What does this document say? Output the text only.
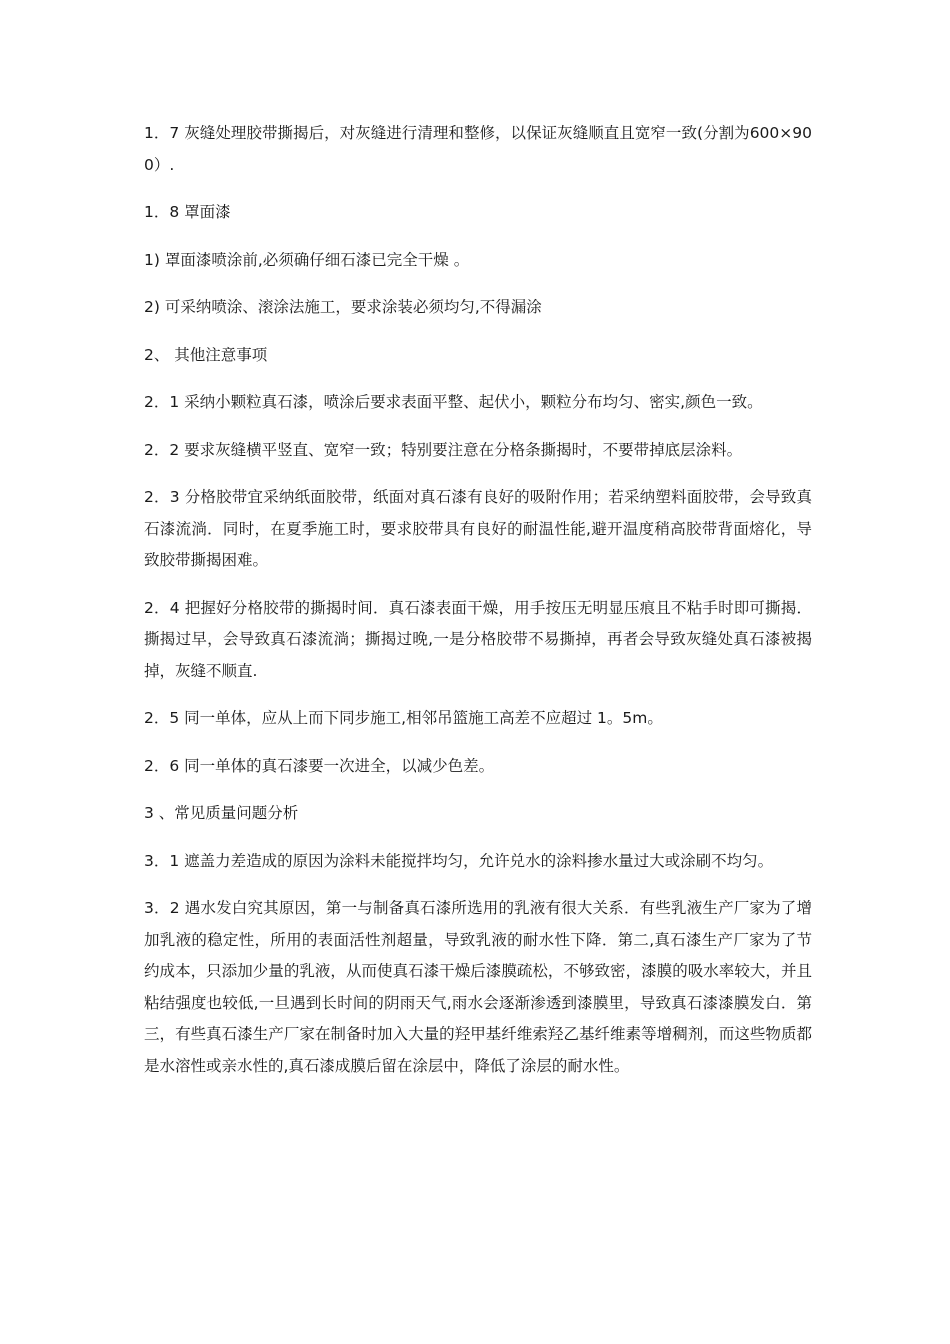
1．7 灰缝处理胶带撕揭后，对灰缝进行清理和整修，以保证灰缝顺直且宽窄一致(分割为600×900）.

1．8 罩面漆

1) 罩面漆喷涂前,必须确仔细石漆已完全干燥 。

2) 可采纳喷涂、滚涂法施工，要求涂装必须均匀,不得漏涂

2、 其他注意事项

2．1 采纳小颗粒真石漆，喷涂后要求表面平整、起伏小，颗粒分布均匀、密实,颜色一致。

2．2 要求灰缝横平竖直、宽窄一致；特别要注意在分格条撕揭时，不要带掉底层涂料。

2．3 分格胶带宜采纳纸面胶带，纸面对真石漆有良好的吸附作用；若采纳塑料面胶带，会导致真石漆流淌．同时，在夏季施工时，要求胶带具有良好的耐温性能,避开温度稍高胶带背面熔化，导致胶带撕揭困难。

2．4 把握好分格胶带的撕揭时间．真石漆表面干燥，用手按压无明显压痕且不粘手时即可撕揭．撕揭过早，会导致真石漆流淌；撕揭过晚,一是分格胶带不易撕掉，再者会导致灰缝处真石漆被揭掉，灰缝不顺直.

2．5 同一单体，应从上而下同步施工,相邻吊篮施工高差不应超过 1。5m。

2．6 同一单体的真石漆要一次进全，以减少色差。

3 、常见质量问题分析

3．1 遮盖力差造成的原因为涂料未能搅拌均匀，允许兑水的涂料掺水量过大或涂刷不均匀。

3．2 遇水发白究其原因，第一与制备真石漆所选用的乳液有很大关系．有些乳液生产厂家为了增加乳液的稳定性，所用的表面活性剂超量，导致乳液的耐水性下降．第二,真石漆生产厂家为了节约成本，只添加少量的乳液，从而使真石漆干燥后漆膜疏松，不够致密，漆膜的吸水率较大，并且粘结强度也较低,一旦遇到长时间的阴雨天气,雨水会逐渐渗透到漆膜里，导致真石漆漆膜发白．第三，有些真石漆生产厂家在制备时加入大量的羟甲基纤维索羟乙基纤维素等增稠剂，而这些物质都是水溶性或亲水性的,真石漆成膜后留在涂层中，降低了涂层的耐水性。
